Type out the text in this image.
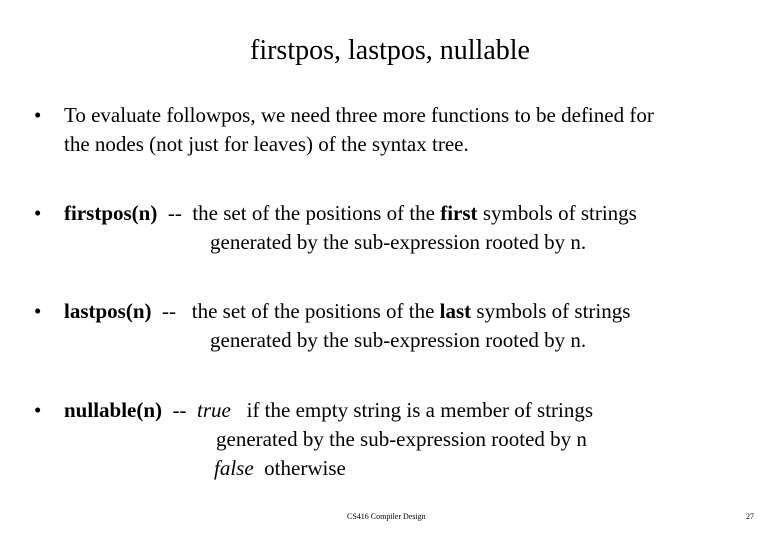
firstpos, lastpos, nullable
• To evaluate followpos, we need three more functions to be defined for
the nodes (not just for leaves) of the syntax tree.
• firstpos(n) -- the set of the positions of the first symbols of strings
generated by the sub-expression rooted by n.
• lastpos(n) -- the set of the positions of the last symbols of strings
generated by the sub-expression rooted by n.
• nullable(n) -- true if the empty string is a member of strings
generated by the sub-expression rooted by n
false otherwise
CS416 Compiler Design	27
